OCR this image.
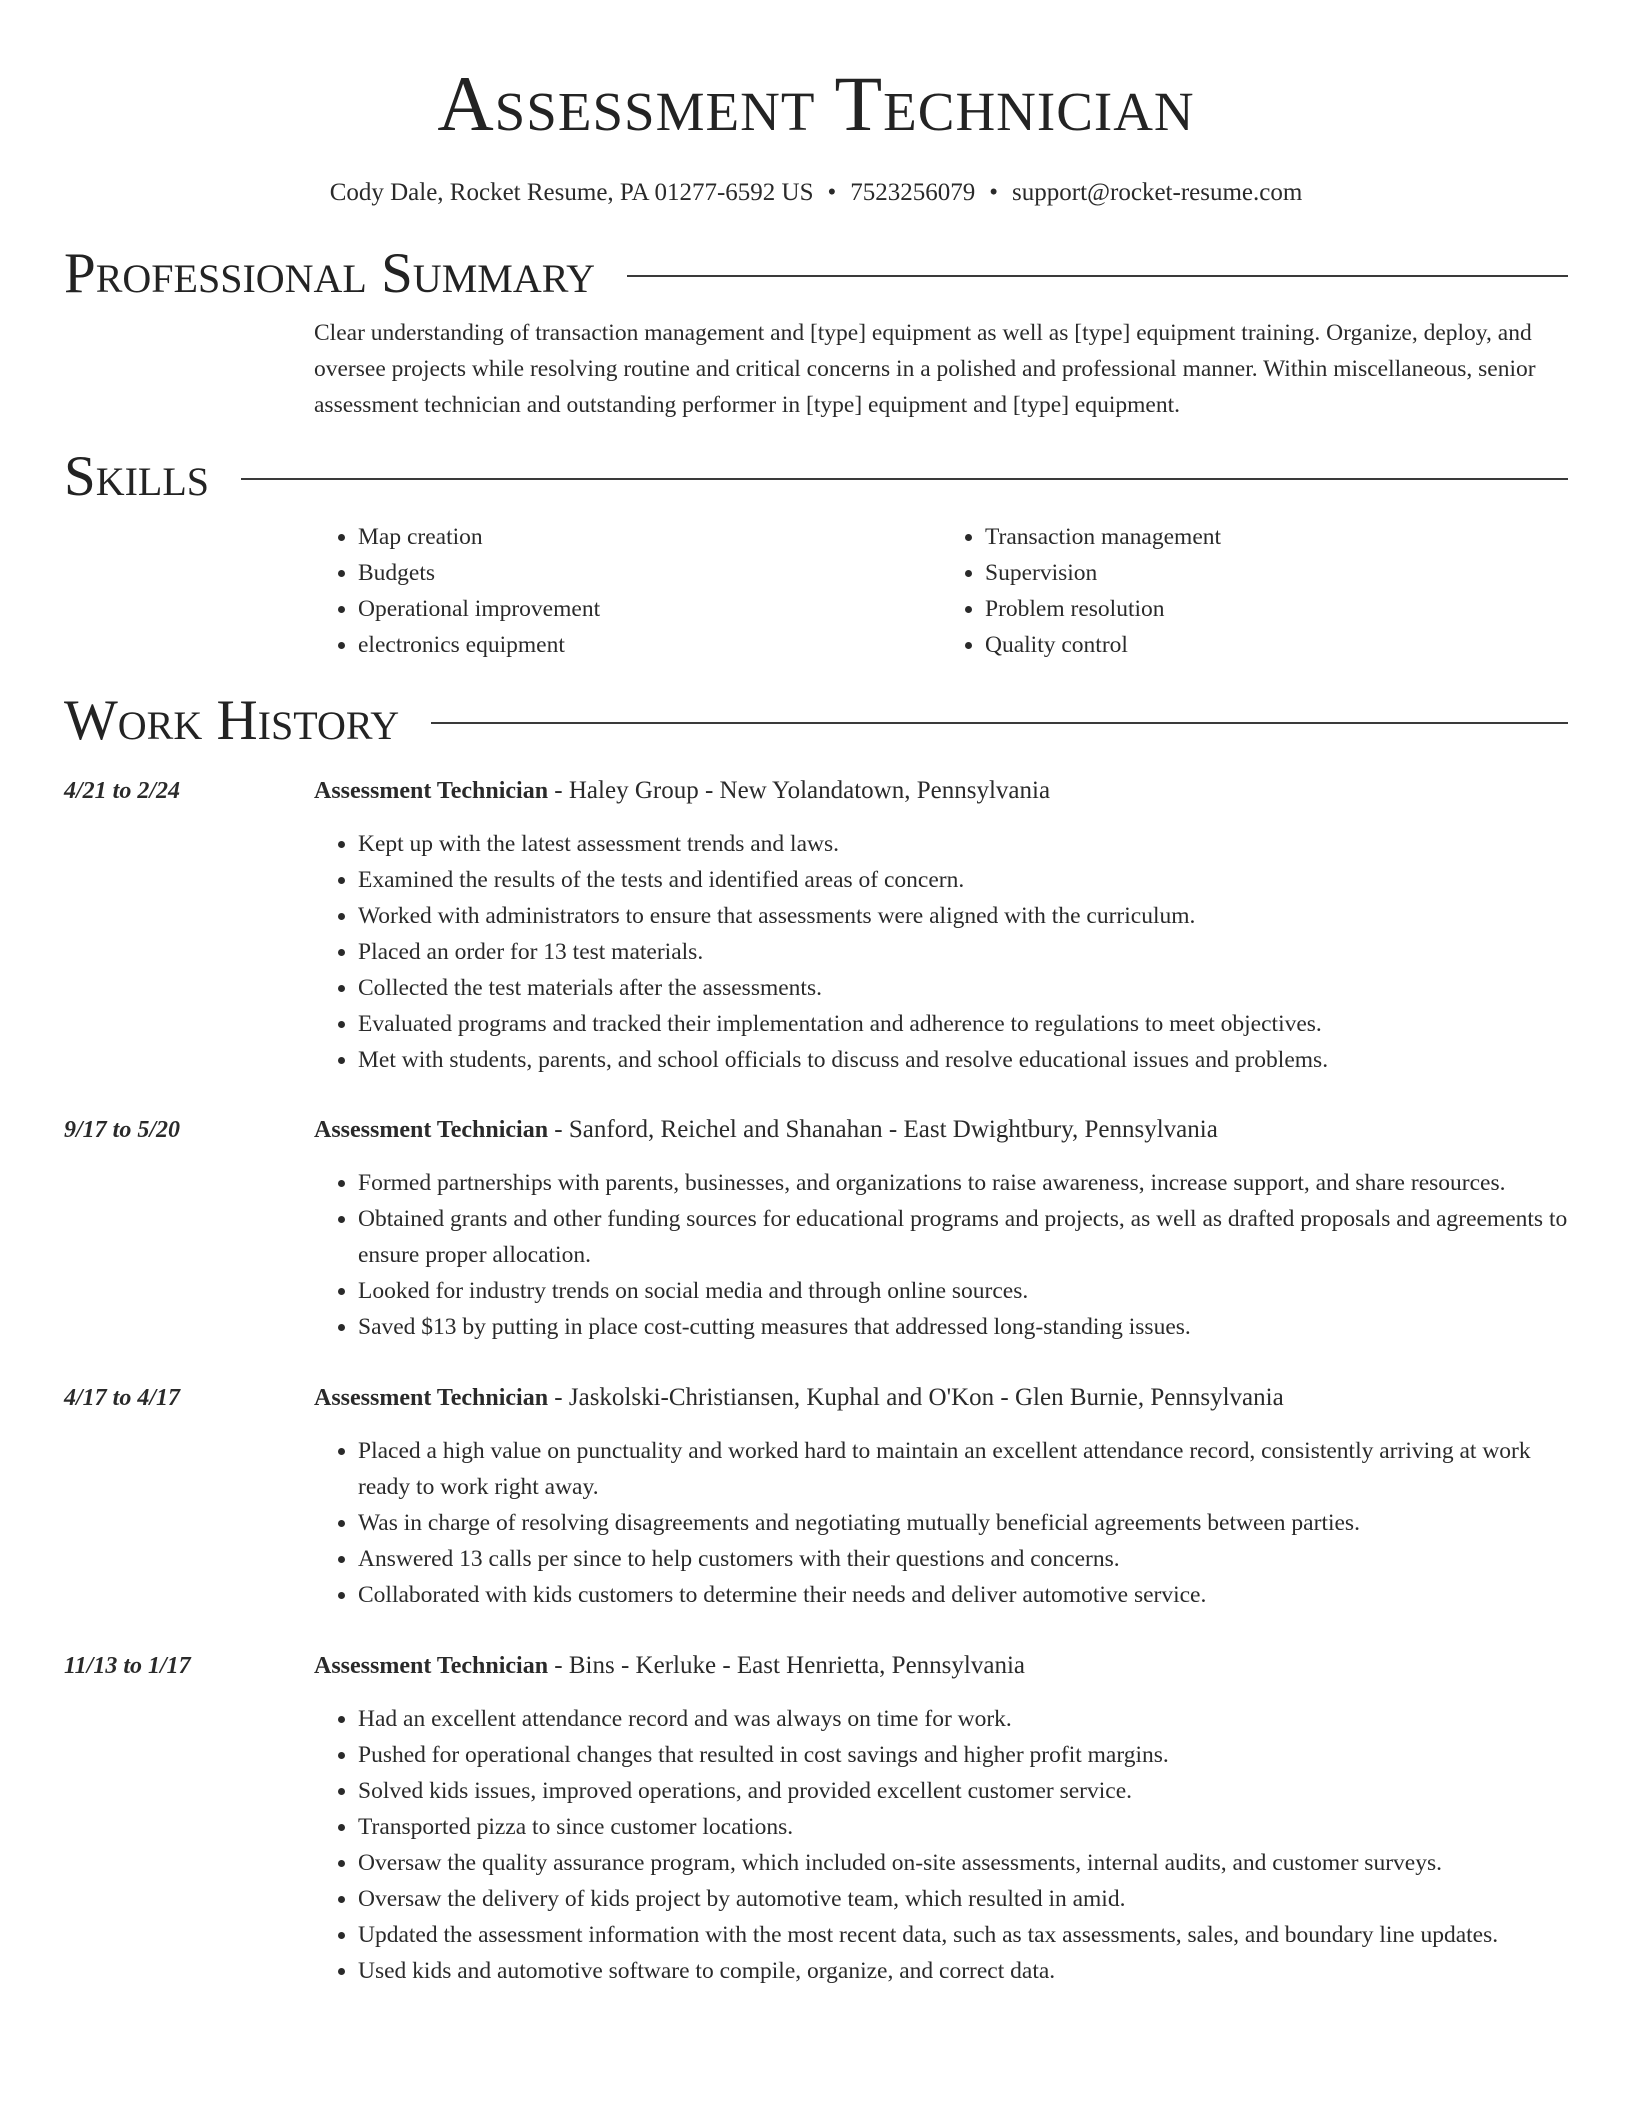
Assessment Technician
Cody Dale, Rocket Resume, PA 01277-6592 US • 7523256079 • support@rocket-resume.com
Professional Summary
Clear understanding of transaction management and [type] equipment as well as [type] equipment training. Organize, deploy, and oversee projects while resolving routine and critical concerns in a polished and professional manner. Within miscellaneous, senior assessment technician and outstanding performer in [type] equipment and [type] equipment.
Skills
• Map creation
• Budgets
• Operational improvement
• electronics equipment
• Transaction management
• Supervision
• Problem resolution
• Quality control
Work History
4/21 to 2/24	Assessment Technician - Haley Group - New Yolandatown, Pennsylvania
• Kept up with the latest assessment trends and laws.
• Examined the results of the tests and identified areas of concern.
• Worked with administrators to ensure that assessments were aligned with the curriculum.
• Placed an order for 13 test materials.
• Collected the test materials after the assessments.
• Evaluated programs and tracked their implementation and adherence to regulations to meet objectives.
• Met with students, parents, and school officials to discuss and resolve educational issues and problems.
9/17 to 5/20	Assessment Technician - Sanford, Reichel and Shanahan - East Dwightbury, Pennsylvania
• Formed partnerships with parents, businesses, and organizations to raise awareness, increase support, and share resources.
• Obtained grants and other funding sources for educational programs and projects, as well as drafted proposals and agreements to ensure proper allocation.
• Looked for industry trends on social media and through online sources.
• Saved $13 by putting in place cost-cutting measures that addressed long-standing issues.
4/17 to 4/17	Assessment Technician - Jaskolski-Christiansen, Kuphal and O'Kon - Glen Burnie, Pennsylvania
• Placed a high value on punctuality and worked hard to maintain an excellent attendance record, consistently arriving at work ready to work right away.
• Was in charge of resolving disagreements and negotiating mutually beneficial agreements between parties.
• Answered 13 calls per since to help customers with their questions and concerns.
• Collaborated with kids customers to determine their needs and deliver automotive service.
11/13 to 1/17	Assessment Technician - Bins - Kerluke - East Henrietta, Pennsylvania
• Had an excellent attendance record and was always on time for work.
• Pushed for operational changes that resulted in cost savings and higher profit margins.
• Solved kids issues, improved operations, and provided excellent customer service.
• Transported pizza to since customer locations.
• Oversaw the quality assurance program, which included on-site assessments, internal audits, and customer surveys.
• Oversaw the delivery of kids project by automotive team, which resulted in amid.
• Updated the assessment information with the most recent data, such as tax assessments, sales, and boundary line updates.
• Used kids and automotive software to compile, organize, and correct data.
